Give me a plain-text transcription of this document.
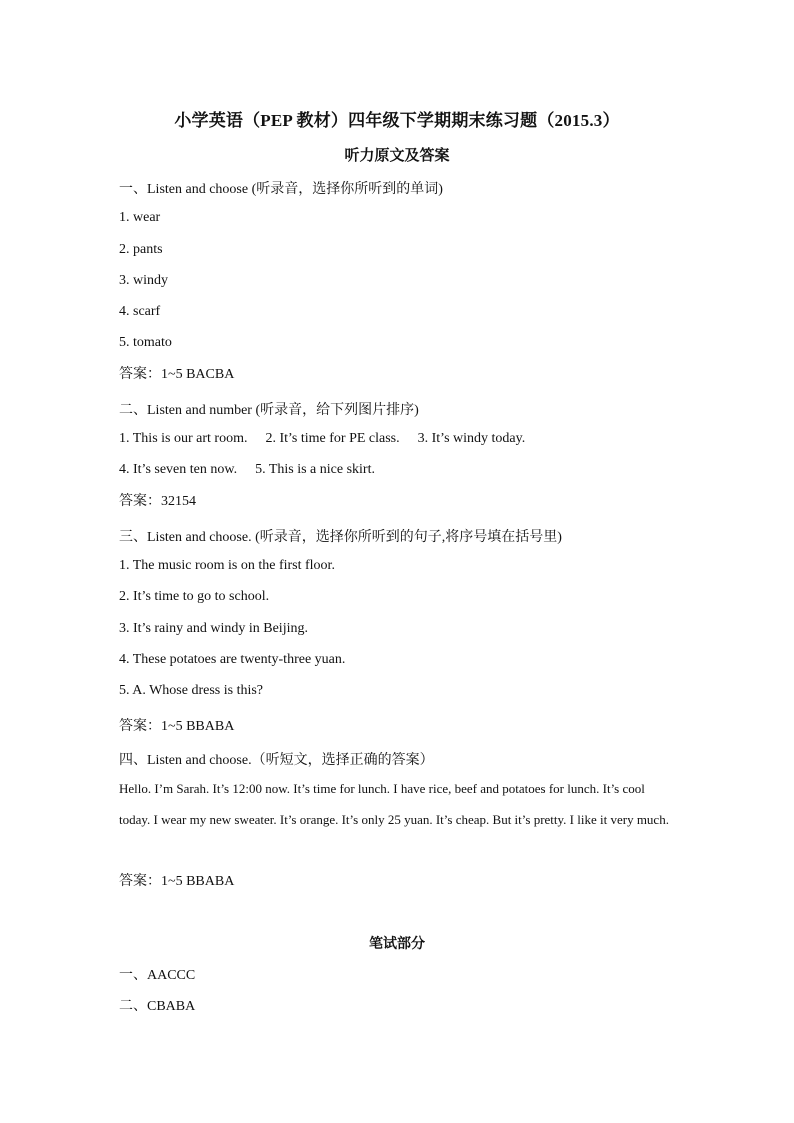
小学英语（PEP 教材）四年级下学期期末练习题（2015.3）
听力原文及答案
一、Listen and choose (听录音，选择你所听到的单词)
1. wear
2. pants
3. windy
4. scarf
5. tomato
答案：1~5 BACBA
二、Listen and number (听录音，给下列图片排序)
1. This is our art room. 2. It’s time for PE class. 3. It’s windy today.
4. It’s seven ten now. 5. This is a nice skirt.
答案：32154
三、Listen and choose. (听录音，选择你所听到的句子,将序号填在括号里)
1. The music room is on the first floor.
2. It’s time to go to school.
3. It’s rainy and windy in Beijing.
4. These potatoes are twenty-three yuan.
5. A. Whose dress is this?
答案：1~5 BBABA
四、Listen and choose.（听短文，选择正确的答案）
Hello. I’m Sarah. It’s 12:00 now. It’s time for lunch. I have rice, beef and potatoes for lunch. It’s cool today. I wear my new sweater. It’s orange. It’s only 25 yuan. It’s cheap. But it’s pretty. I like it very much.
答案：1~5 BBABA
笔试部分
一、AACCC
二、CBABA
